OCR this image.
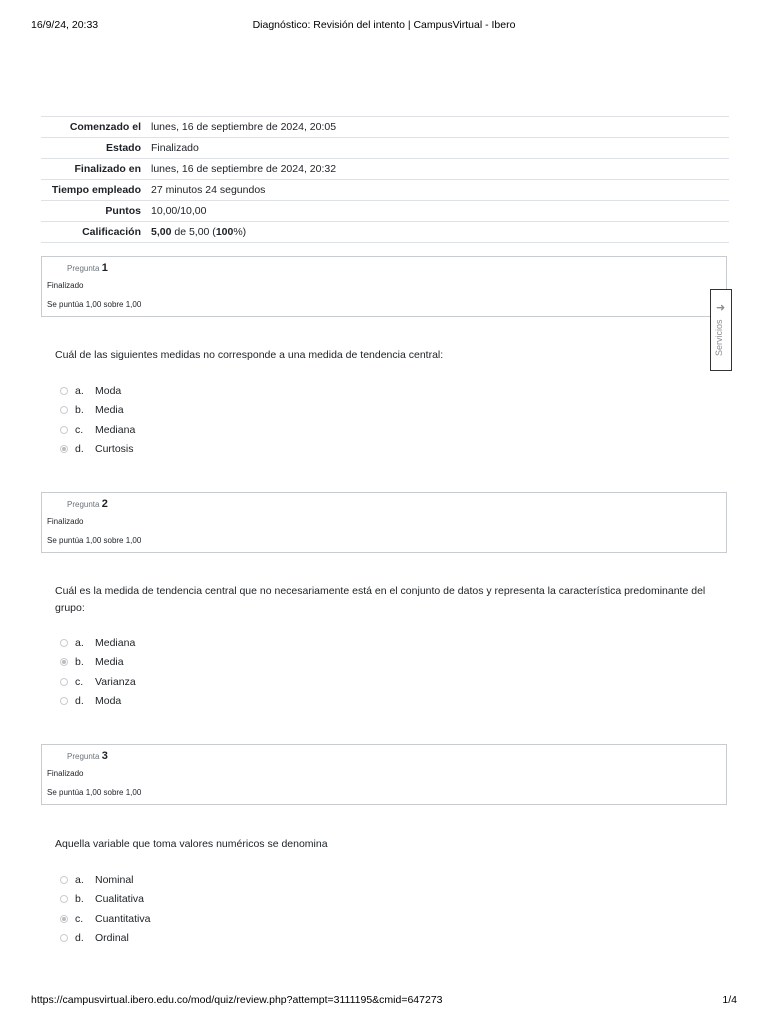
16/9/24, 20:33	Diagnóstico: Revisión del intento | CampusVirtual - Ibero
Comenzado el	lunes, 16 de septiembre de 2024, 20:05
Estado	Finalizado
Finalizado en	lunes, 16 de septiembre de 2024, 20:32
Tiempo empleado	27 minutos 24 segundos
Puntos	10,00/10,00
Calificación	5,00 de 5,00 (100%)
Pregunta 1
Finalizado
Se puntúa 1,00 sobre 1,00
Cuál de las siguientes medidas no corresponde a una medida de tendencia central:
a.	Moda
b.	Media
c.	Mediana
d.	Curtosis
Pregunta 2
Finalizado
Se puntúa 1,00 sobre 1,00
Cuál es la medida de tendencia central que no necesariamente está en el conjunto de datos y representa la característica predominante del grupo:
a.	Mediana
b.	Media
c.	Varianza
d.	Moda
Pregunta 3
Finalizado
Se puntúa 1,00 sobre 1,00
Aquella variable que toma valores numéricos se denomina
a.	Nominal
b.	Cualitativa
c.	Cuantitativa
d.	Ordinal
➜
Servicios
https://campusvirtual.ibero.edu.co/mod/quiz/review.php?attempt=3111195&cmid=647273	1/4
